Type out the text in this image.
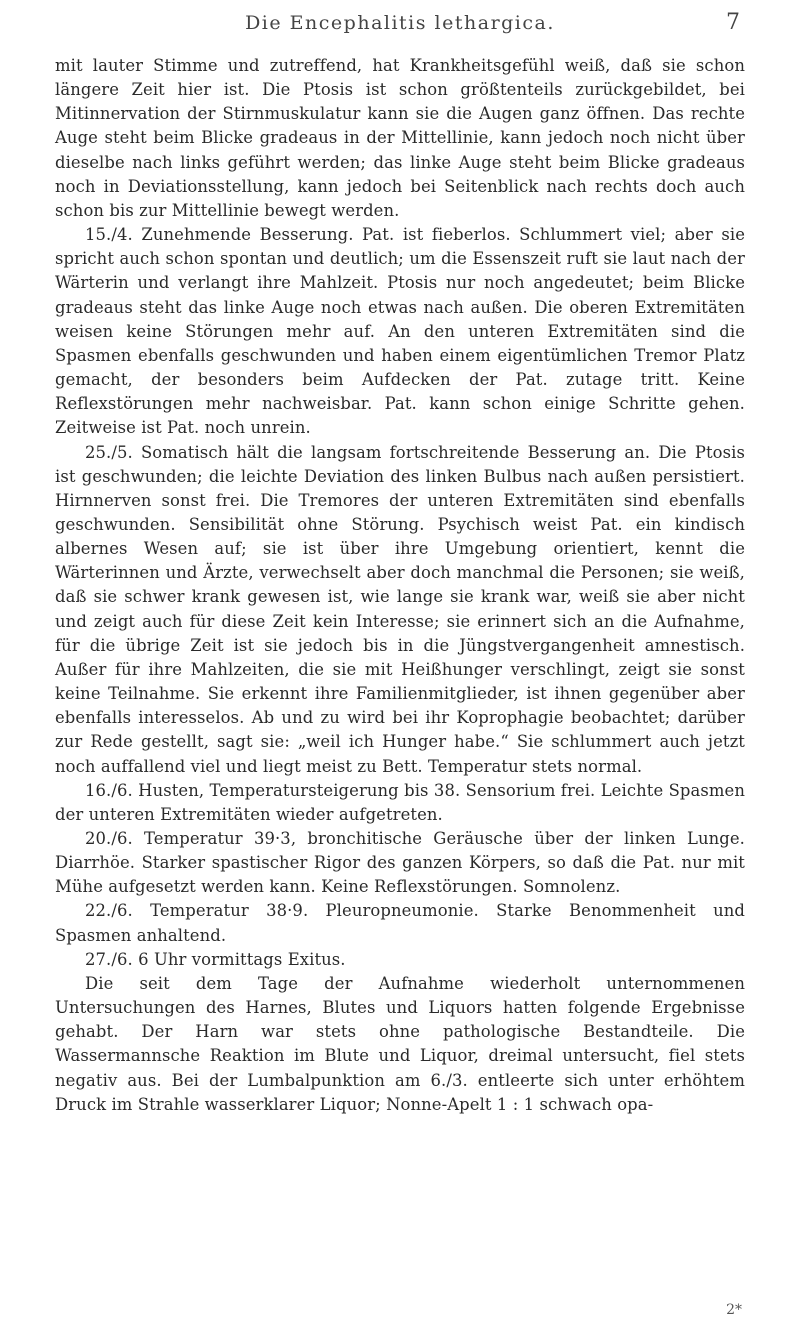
Die Encephalitis lethargica.	7

mit lauter Stimme und zutreffend, hat Krankheitsgefühl weiß, daß sie schon längere Zeit hier ist. Die Ptosis ist schon größtenteils zurückgebildet, bei Mitinnervation der Stirnmuskulatur kann sie die Augen ganz öffnen. Das rechte Auge steht beim Blicke gradeaus in der Mittellinie, kann jedoch noch nicht über dieselbe nach links geführt werden; das linke Auge steht beim Blicke gradeaus noch in Deviationsstellung, kann jedoch bei Seitenblick nach rechts doch auch schon bis zur Mittellinie bewegt werden.

15./4. Zunehmende Besserung. Pat. ist fieberlos. Schlummert viel; aber sie spricht auch schon spontan und deutlich; um die Essenszeit ruft sie laut nach der Wärterin und verlangt ihre Mahlzeit. Ptosis nur noch angedeutet; beim Blicke gradeaus steht das linke Auge noch etwas nach außen. Die oberen Extremitäten weisen keine Störungen mehr auf. An den unteren Extremitäten sind die Spasmen ebenfalls geschwunden und haben einem eigentümlichen Tremor Platz gemacht, der besonders beim Aufdecken der Pat. zutage tritt. Keine Reflexstörungen mehr nachweisbar. Pat. kann schon einige Schritte gehen. Zeitweise ist Pat. noch unrein.

25./5. Somatisch hält die langsam fortschreitende Besserung an. Die Ptosis ist geschwunden; die leichte Deviation des linken Bulbus nach außen persistiert. Hirnnerven sonst frei. Die Tremores der unteren Extremitäten sind ebenfalls geschwunden. Sensibilität ohne Störung. Psychisch weist Pat. ein kindisch albernes Wesen auf; sie ist über ihre Umgebung orientiert, kennt die Wärterinnen und Ärzte, verwechselt aber doch manchmal die Personen; sie weiß, daß sie schwer krank gewesen ist, wie lange sie krank war, weiß sie aber nicht und zeigt auch für diese Zeit kein Interesse; sie erinnert sich an die Aufnahme, für die übrige Zeit ist sie jedoch bis in die Jüngstvergangenheit amnestisch. Außer für ihre Mahlzeiten, die sie mit Heißhunger verschlingt, zeigt sie sonst keine Teilnahme. Sie erkennt ihre Familienmitglieder, ist ihnen gegenüber aber ebenfalls interesselos. Ab und zu wird bei ihr Koprophagie beobachtet; darüber zur Rede gestellt, sagt sie: „weil ich Hunger habe.“ Sie schlummert auch jetzt noch auffallend viel und liegt meist zu Bett. Temperatur stets normal.

16./6. Husten, Temperatursteigerung bis 38. Sensorium frei. Leichte Spasmen der unteren Extremitäten wieder aufgetreten.

20./6. Temperatur 39·3, bronchitische Geräusche über der linken Lunge. Diarrhöe. Starker spastischer Rigor des ganzen Körpers, so daß die Pat. nur mit Mühe aufgesetzt werden kann. Keine Reflexstörungen. Somnolenz.

22./6. Temperatur 38·9. Pleuropneumonie. Starke Benommenheit und Spasmen anhaltend.

27./6. 6 Uhr vormittags Exitus.

Die seit dem Tage der Aufnahme wiederholt unternommenen Untersuchungen des Harnes, Blutes und Liquors hatten folgende Ergebnisse gehabt. Der Harn war stets ohne pathologische Bestandteile. Die Wassermannsche Reaktion im Blute und Liquor, dreimal untersucht, fiel stets negativ aus. Bei der Lumbalpunktion am 6./3. entleerte sich unter erhöhtem Druck im Strahle wasserklarer Liquor; Nonne-Apelt 1 : 1 schwach opa-

2*
